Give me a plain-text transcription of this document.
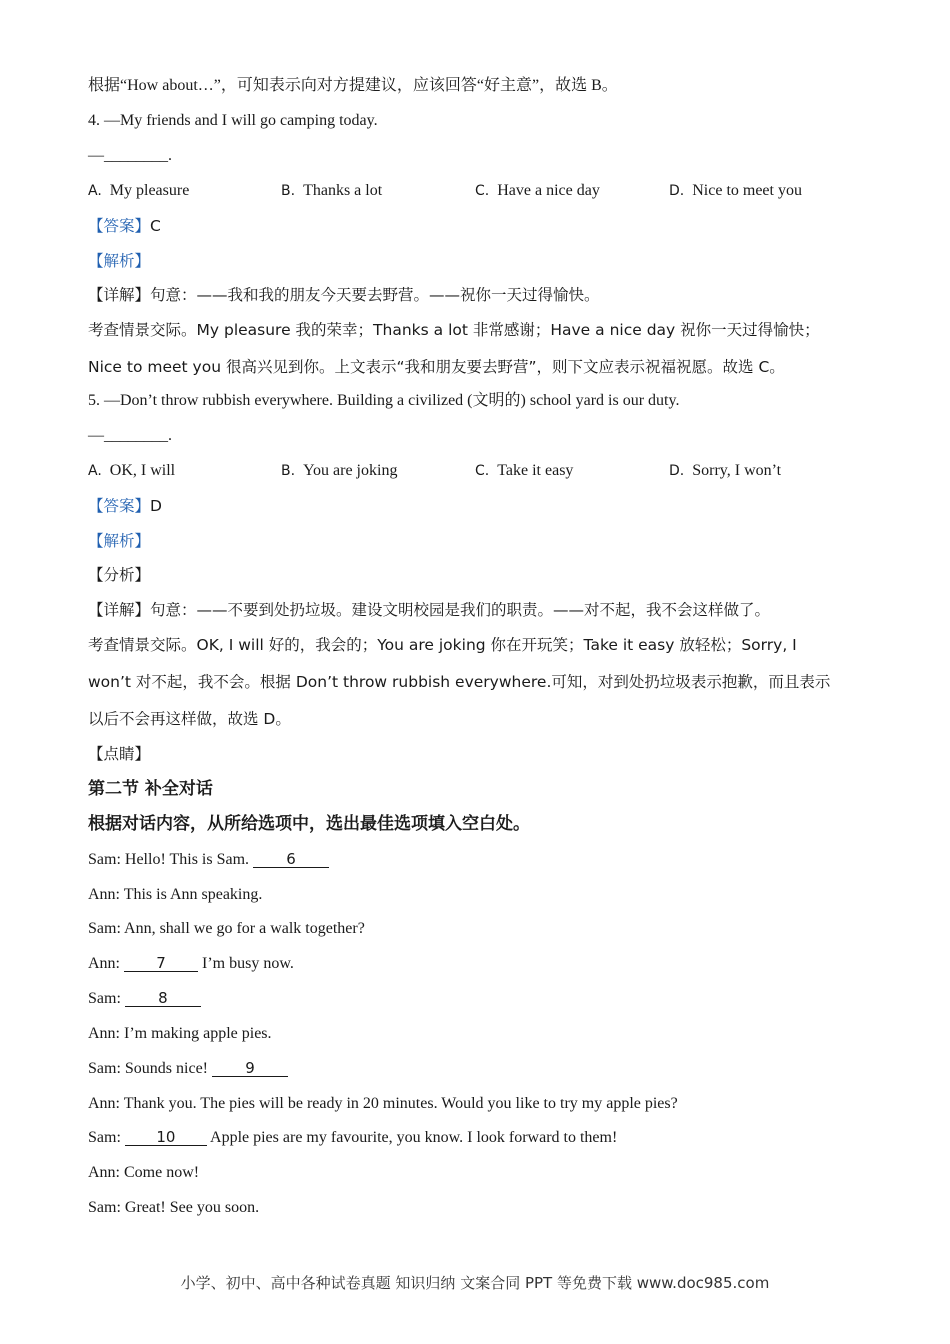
根据“How about…”，可知表示向对方提建议，应该回答“好主意”，故选 B。
4. —My friends and I will go camping today.
—________.
A. My pleasure	B. Thanks a lot	C. Have a nice day	D. Nice to meet you
【答案】C
【解析】
【详解】句意：——我和我的朋友今天要去野营。——祝你一天过得愉快。
考查情景交际。My pleasure 我的荣幸；Thanks a lot 非常感谢；Have a nice day 祝你一天过得愉快；
Nice to meet you 很高兴见到你。上文表示“我和朋友要去野营”，则下文应表示祝福祝愿。故选 C。
5. —Don’t throw rubbish everywhere. Building a civilized (文明的) school yard is our duty.
—________.
A. OK, I will	B. You are joking	C. Take it easy	D. Sorry, I won’t
【答案】D
【解析】
【分析】
【详解】句意：——不要到处扔垃圾。建设文明校园是我们的职责。——对不起，我不会这样做了。
考查情景交际。OK, I will 好的，我会的；You are joking 你在开玩笑；Take it easy 放轻松；Sorry, I
won’t 对不起，我不会。根据 Don’t throw rubbish everywhere.可知，对到处扔垃圾表示抱歉，而且表示
以后不会再这样做，故选 D。
【点睛】
第二节 补全对话
根据对话内容，从所给选项中，选出最佳选项填入空白处。
Sam: Hello! This is Sam. 6
Ann: This is Ann speaking.
Sam: Ann, shall we go for a walk together?
Ann: 7 I’m busy now.
Sam: 8
Ann: I’m making apple pies.
Sam: Sounds nice! 9
Ann: Thank you. The pies will be ready in 20 minutes. Would you like to try my apple pies?
Sam: 10 Apple pies are my favourite, you know. I look forward to them!
Ann: Come now!
Sam: Great! See you soon.
小学、初中、高中各种试卷真题 知识归纳 文案合同 PPT 等免费下载 www.doc985.com
